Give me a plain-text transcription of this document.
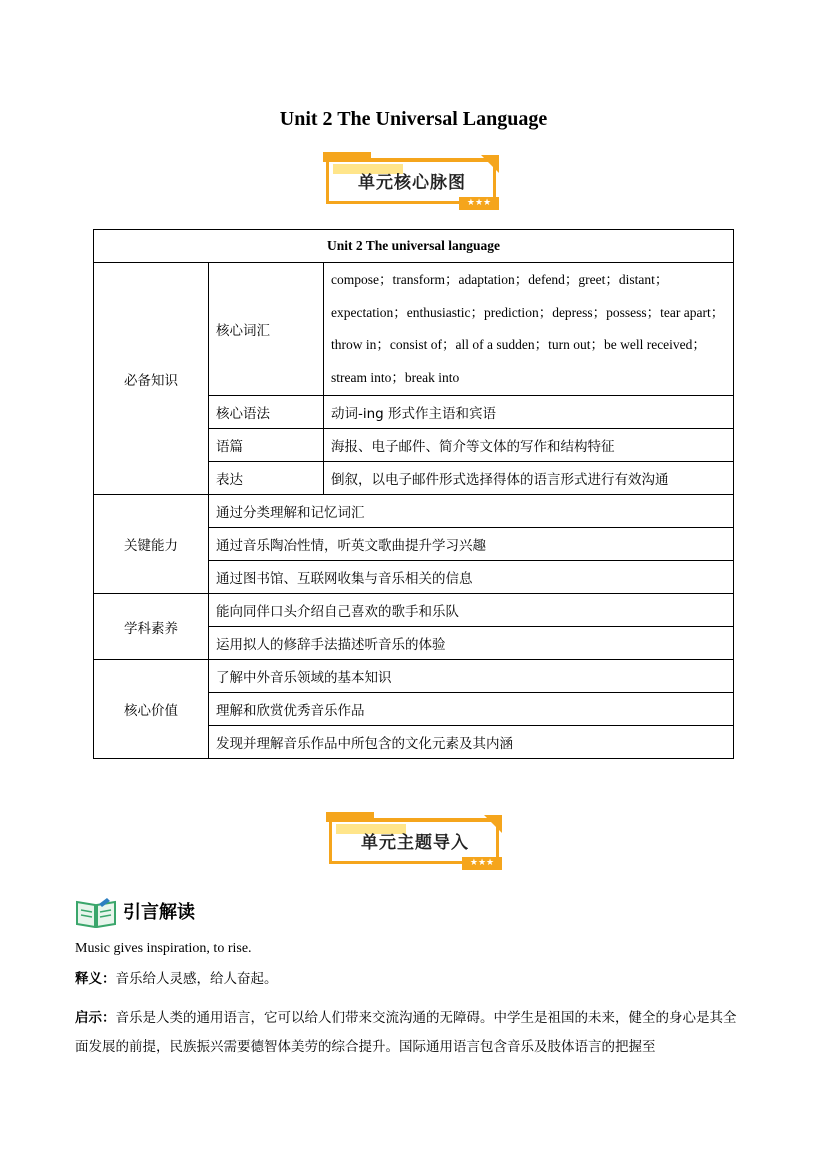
Unit 2 The Universal Language
单元核心脉图
★★★
Unit 2 The universal language		
必备知识	核心词汇	compose；transform；adaptation；defend；greet；distant；expectation；enthusiastic；prediction；depress；possess；tear apart；throw in；consist of；all of a sudden；turn out；be well received；stream into；break into
	核心语法	动词-ing 形式作主语和宾语
	语篇	海报、电子邮件、简介等文体的写作和结构特征
	表达	倒叙，以电子邮件形式选择得体的语言形式进行有效沟通
关键能力	通过分类理解和记忆词汇	
	通过音乐陶冶性情，听英文歌曲提升学习兴趣	
	通过图书馆、互联网收集与音乐相关的信息	
学科素养	能向同伴口头介绍自己喜欢的歌手和乐队	
	运用拟人的修辞手法描述听音乐的体验	
核心价值	了解中外音乐领域的基本知识	
	理解和欣赏优秀音乐作品	
	发现并理解音乐作品中所包含的文化元素及其内涵	
单元主题导入
★★★
引言解读
Music gives inspiration, to rise.
释义：音乐给人灵感，给人奋起。
启示：音乐是人类的通用语言，它可以给人们带来交流沟通的无障碍。中学生是祖国的未来，健全的身心是其全面发展的前提，民族振兴需要德智体美劳的综合提升。国际通用语言包含音乐及肢体语言的把握至
